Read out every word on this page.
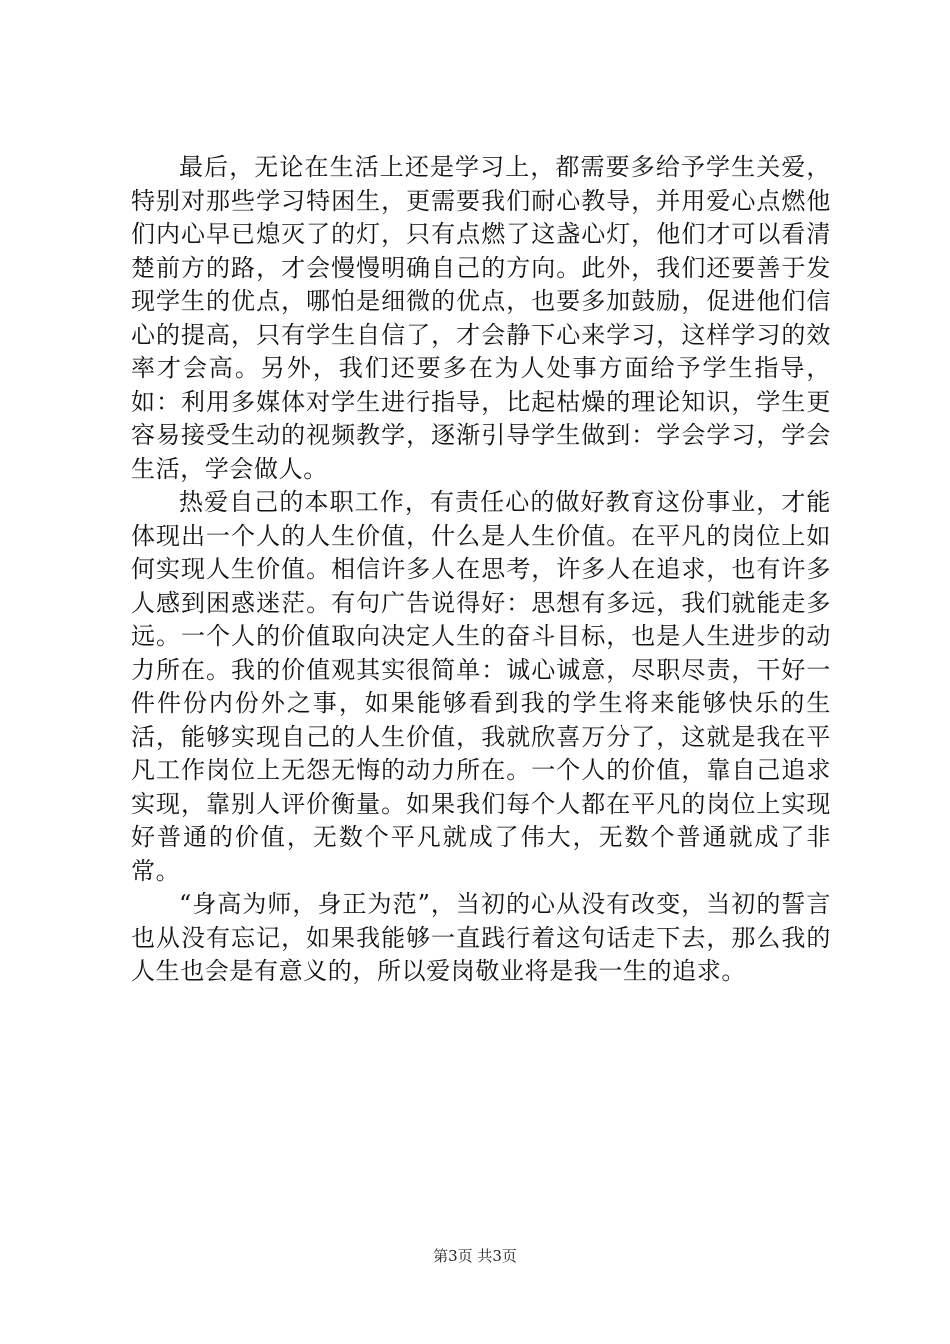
最后，无论在生活上还是学习上，都需要多给予学生关爱，特别对那些学习特困生，更需要我们耐心教导，并用爱心点燃他们内心早已熄灭了的灯，只有点燃了这盏心灯，他们才可以看清楚前方的路，才会慢慢明确自己的方向。此外，我们还要善于发现学生的优点，哪怕是细微的优点，也要多加鼓励，促进他们信心的提高，只有学生自信了，才会静下心来学习，这样学习的效率才会高。另外，我们还要多在为人处事方面给予学生指导，如：利用多媒体对学生进行指导，比起枯燥的理论知识，学生更容易接受生动的视频教学，逐渐引导学生做到：学会学习，学会生活，学会做人。

热爱自己的本职工作，有责任心的做好教育这份事业，才能体现出一个人的人生价值，什么是人生价值。在平凡的岗位上如何实现人生价值。相信许多人在思考，许多人在追求，也有许多人感到困惑迷茫。有句广告说得好：思想有多远，我们就能走多远。一个人的价值取向决定人生的奋斗目标，也是人生进步的动力所在。我的价值观其实很简单：诚心诚意，尽职尽责，干好一件件份内份外之事，如果能够看到我的学生将来能够快乐的生活，能够实现自己的人生价值，我就欣喜万分了，这就是我在平凡工作岗位上无怨无悔的动力所在。一个人的价值，靠自己追求实现，靠别人评价衡量。如果我们每个人都在平凡的岗位上实现好普通的价值，无数个平凡就成了伟大，无数个普通就成了非常。

“身高为师，身正为范”，当初的心从没有改变，当初的誓言也从没有忘记，如果我能够一直践行着这句话走下去，那么我的人生也会是有意义的，所以爱岗敬业将是我一生的追求。

第3页 共3页
